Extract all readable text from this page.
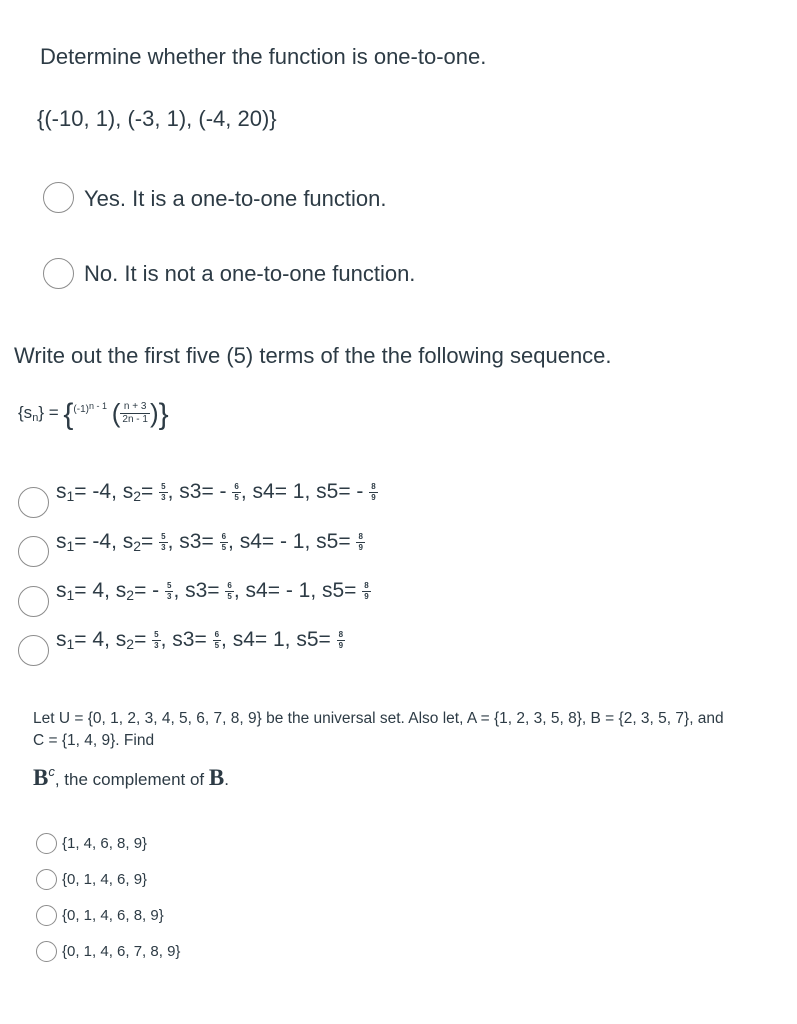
Determine whether the function is one-to-one.
{(-10, 1), (-3, 1), (-4, 20)}
Yes. It is a one-to-one function.
No. It is not a one-to-one function.
Write out the first five (5) terms of the the following sequence.
$\{s_n\} = \{^{(-1)n - 1}$ ( $\frac{n + 3}{2n - 1}$ )}
$s_1= -4$, $s_2= \frac{5}{3}$ , $s3= - \frac{6}{5}$ , s4= 1, $s5= - \frac{8}{9}$
$s_1= -4$, $s_2= \frac{5}{3}$ , $s3= \frac{6}{5}$ , s4= - 1, $s5= \frac{8}{9}$
$s_1= 4$, $s_2= - \frac{5}{3}$ , $s3= \frac{6}{5}$ , s4= - 1, $s5= \frac{8}{9}$
$s_1= 4$, $s_2= \frac{5}{3}$ , $s3= \frac{6}{5}$ , s4= 1, $s5= \frac{8}{9}$
Let U = {0, 1, 2, 3, 4, 5, 6, 7, 8, 9} be the universal set. Also let, A = {1, 2, 3, 5, 8}, B = {2, 3, 5, 7}, and C = {1, 4, 9}. Find
$B^c$, the complement of B.
{1, 4, 6, 8, 9}
{0, 1, 4, 6, 9}
{0, 1, 4, 6, 8, 9}
{0, 1, 4, 6, 7, 8, 9}
